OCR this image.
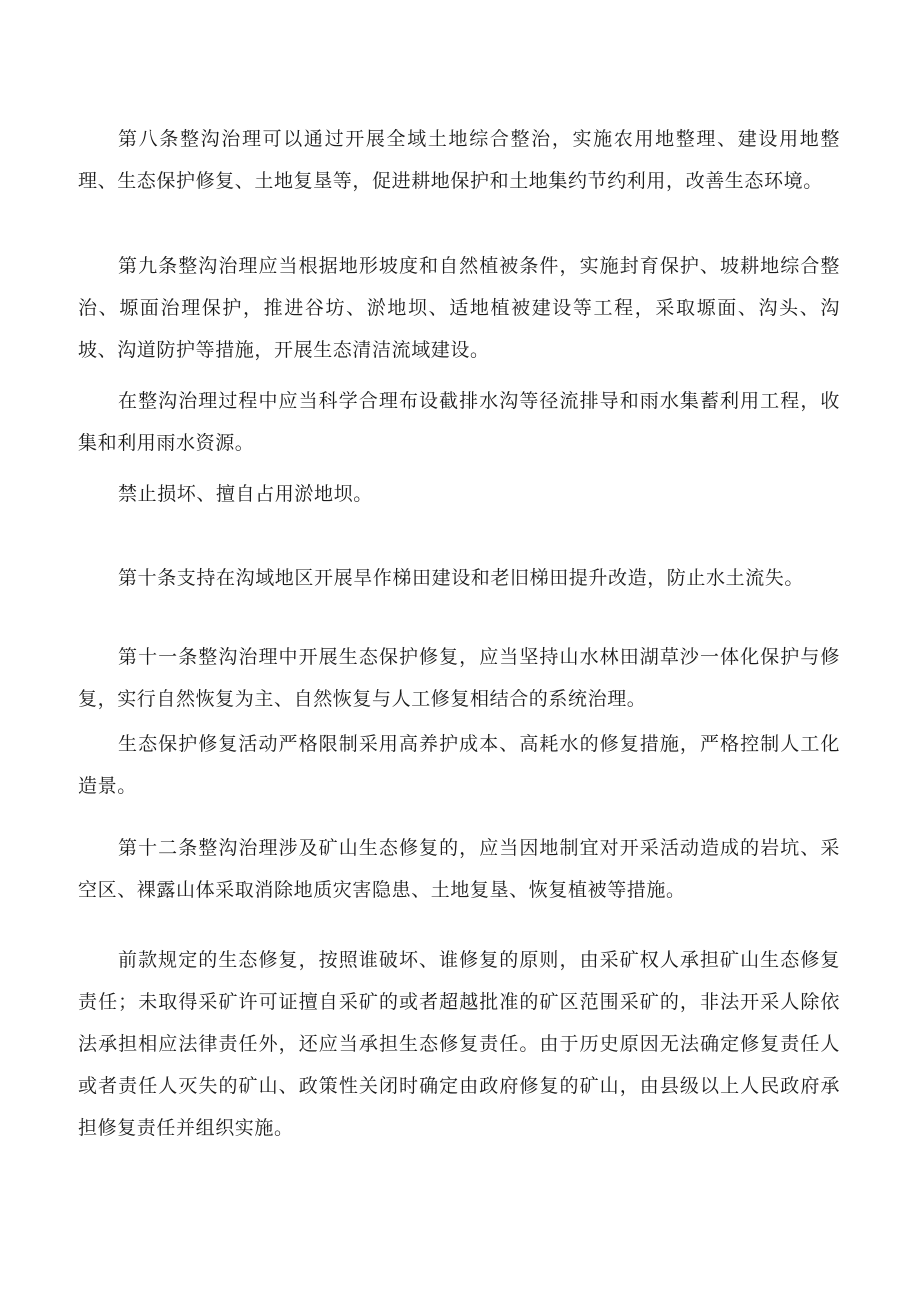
第八条整沟治理可以通过开展全域土地综合整治，实施农用地整理、建设用地整理、生态保护修复、土地复垦等，促进耕地保护和土地集约节约利用，改善生态环境。

第九条整沟治理应当根据地形坡度和自然植被条件，实施封育保护、坡耕地综合整治、塬面治理保护，推进谷坊、淤地坝、适地植被建设等工程，采取塬面、沟头、沟坡、沟道防护等措施，开展生态清洁流域建设。

在整沟治理过程中应当科学合理布设截排水沟等径流排导和雨水集蓄利用工程，收集和利用雨水资源。

禁止损坏、擅自占用淤地坝。

第十条支持在沟域地区开展旱作梯田建设和老旧梯田提升改造，防止水土流失。

第十一条整沟治理中开展生态保护修复，应当坚持山水林田湖草沙一体化保护与修复，实行自然恢复为主、自然恢复与人工修复相结合的系统治理。

生态保护修复活动严格限制采用高养护成本、高耗水的修复措施，严格控制人工化造景。

第十二条整沟治理涉及矿山生态修复的，应当因地制宜对开采活动造成的岩坑、采空区、裸露山体采取消除地质灾害隐患、土地复垦、恢复植被等措施。

前款规定的生态修复，按照谁破坏、谁修复的原则，由采矿权人承担矿山生态修复责任；未取得采矿许可证擅自采矿的或者超越批准的矿区范围采矿的，非法开采人除依法承担相应法律责任外，还应当承担生态修复责任。由于历史原因无法确定修复责任人或者责任人灭失的矿山、政策性关闭时确定由政府修复的矿山，由县级以上人民政府承担修复责任并组织实施。
